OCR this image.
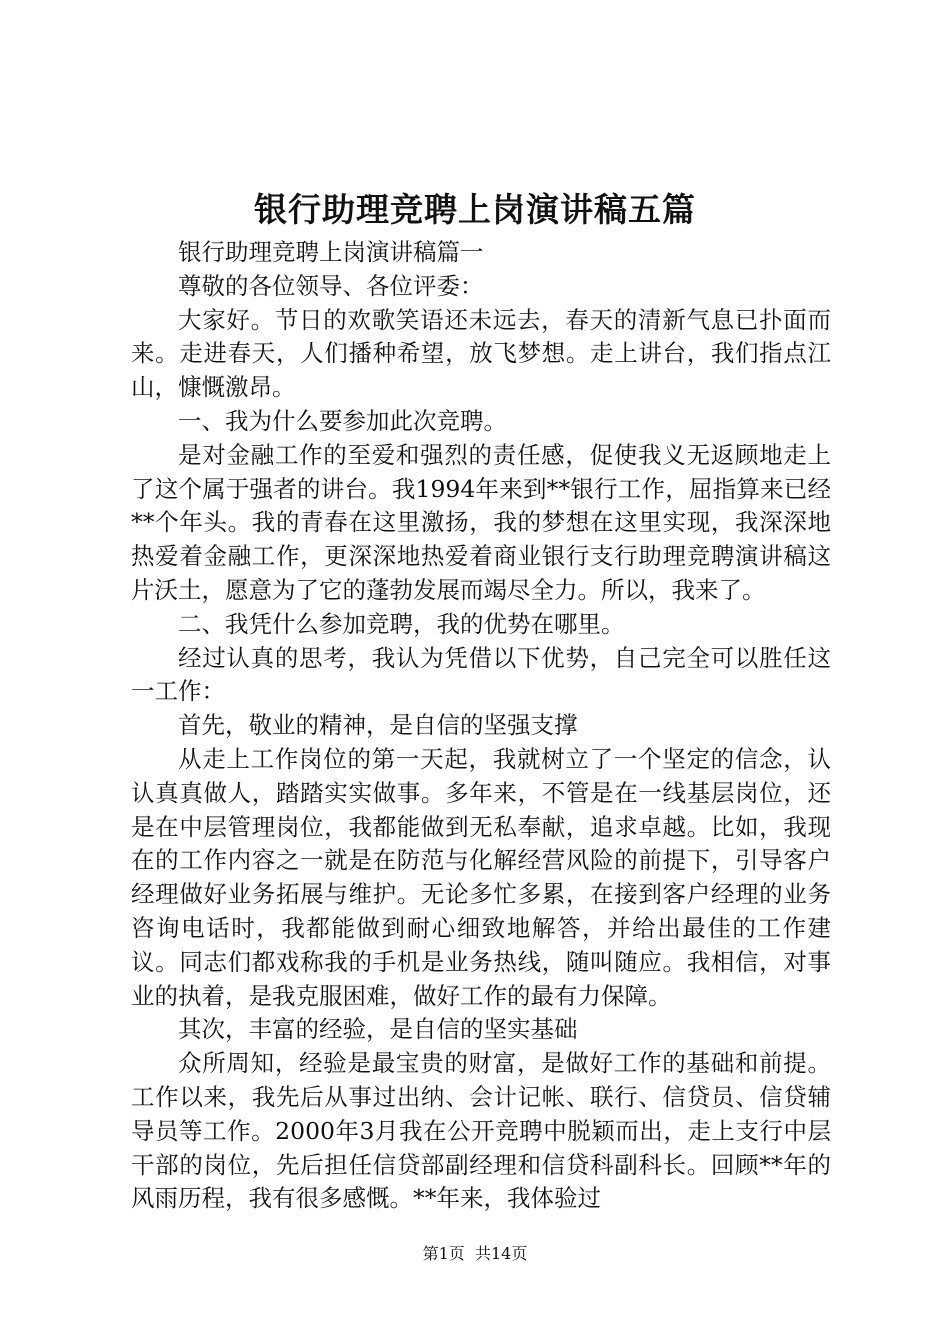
银行助理竞聘上岗演讲稿五篇

银行助理竞聘上岗演讲稿篇一

尊敬的各位领导、各位评委：

大家好。节日的欢歌笑语还未远去，春天的清新气息已扑面而来。走进春天，人们播种希望，放飞梦想。走上讲台，我们指点江山，慷慨激昂。

一、我为什么要参加此次竞聘。

是对金融工作的至爱和强烈的责任感，促使我义无返顾地走上了这个属于强者的讲台。我1994年来到**银行工作，屈指算来已经**个年头。我的青春在这里激扬，我的梦想在这里实现，我深深地热爱着金融工作，更深深地热爱着商业银行支行助理竞聘演讲稿这片沃土，愿意为了它的蓬勃发展而竭尽全力。所以，我来了。

二、我凭什么参加竞聘，我的优势在哪里。

经过认真的思考，我认为凭借以下优势，自己完全可以胜任这一工作：

首先，敬业的精神，是自信的坚强支撑

从走上工作岗位的第一天起，我就树立了一个坚定的信念，认认真真做人，踏踏实实做事。多年来，不管是在一线基层岗位，还是在中层管理岗位，我都能做到无私奉献，追求卓越。比如，我现在的工作内容之一就是在防范与化解经营风险的前提下，引导客户经理做好业务拓展与维护。无论多忙多累，在接到客户经理的业务咨询电话时，我都能做到耐心细致地解答，并给出最佳的工作建议。同志们都戏称我的手机是业务热线，随叫随应。我相信，对事业的执着，是我克服困难，做好工作的最有力保障。

其次，丰富的经验，是自信的坚实基础

众所周知，经验是最宝贵的财富，是做好工作的基础和前提。工作以来，我先后从事过出纳、会计记帐、联行、信贷员、信贷辅导员等工作。2000年3月我在公开竞聘中脱颖而出，走上支行中层干部的岗位，先后担任信贷部副经理和信贷科副科长。回顾**年的风雨历程，我有很多感慨。**年来，我体验过

第1页 共14页
